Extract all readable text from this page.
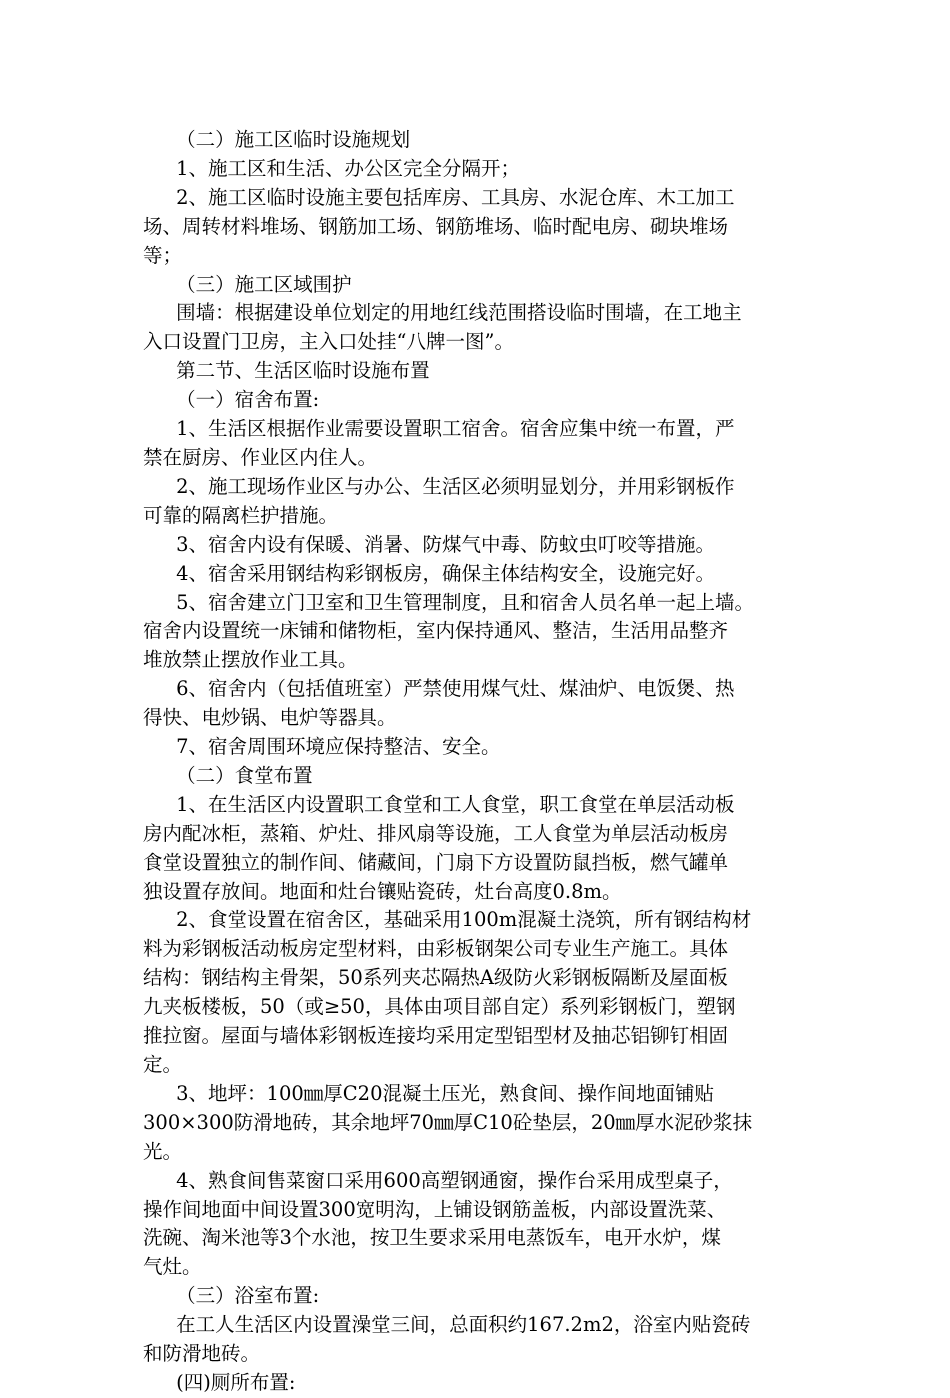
（二）施工区临时设施规划

1、施工区和生活、办公区完全分隔开；

2、施工区临时设施主要包括库房、工具房、水泥仓库、木工加工

场、周转材料堆场、钢筋加工场、钢筋堆场、临时配电房、砌块堆场

等；

（三）施工区域围护

围墙：根据建设单位划定的用地红线范围搭设临时围墙，在工地主

入口设置门卫房，主入口处挂“八牌一图”。

第二节、生活区临时设施布置

（一）宿舍布置:

1、生活区根据作业需要设置职工宿舍。宿舍应集中统一布置，严

禁在厨房、作业区内住人。

2、施工现场作业区与办公、生活区必须明显划分，并用彩钢板作

可靠的隔离栏护措施。

3、宿舍内设有保暖、消暑、防煤气中毒、防蚊虫叮咬等措施。

4、宿舍采用钢结构彩钢板房，确保主体结构安全，设施完好。

5、宿舍建立门卫室和卫生管理制度，且和宿舍人员名单一起上墙。

宿舍内设置统一床铺和储物柜，室内保持通风、整洁，生活用品整齐

堆放禁止摆放作业工具。

6、宿舍内（包括值班室）严禁使用煤气灶、煤油炉、电饭煲、热

得快、电炒锅、电炉等器具。

7、宿舍周围环境应保持整洁、安全。

（二）食堂布置

1、在生活区内设置职工食堂和工人食堂，职工食堂在单层活动板

房内配冰柜，蒸箱、炉灶、排风扇等设施，工人食堂为单层活动板房

食堂设置独立的制作间、储藏间，门扇下方设置防鼠挡板，燃气罐单

独设置存放间。地面和灶台镶贴瓷砖，灶台高度0.8m。

2、食堂设置在宿舍区，基础采用100m混凝土浇筑，所有钢结构材

料为彩钢板活动板房定型材料，由彩板钢架公司专业生产施工。具体

结构：钢结构主骨架，50系列夹芯隔热A级防火彩钢板隔断及屋面板

九夹板楼板，50（或≥50，具体由项目部自定）系列彩钢板门，塑钢

推拉窗。屋面与墙体彩钢板连接均采用定型铝型材及抽芯铝铆钉相固

定。

3、地坪：100㎜厚C20混凝土压光，熟食间、操作间地面铺贴

300×300防滑地砖，其余地坪70㎜厚C10砼垫层，20㎜厚水泥砂浆抹

光。

4、熟食间售菜窗口采用600高塑钢通窗，操作台采用成型桌子，

操作间地面中间设置300宽明沟，上铺设钢筋盖板，内部设置洗菜、

洗碗、淘米池等3个水池，按卫生要求采用电蒸饭车，电开水炉，煤

气灶。

（三）浴室布置:

在工人生活区内设置澡堂三间，总面积约167.2m2，浴室内贴瓷砖

和防滑地砖。

(四)厕所布置:
